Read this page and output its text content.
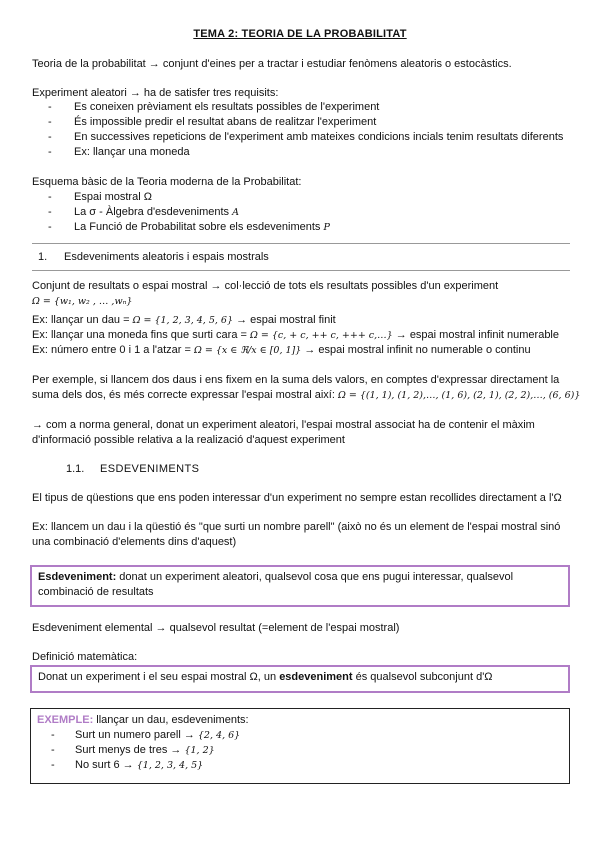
TEMA 2: TEORIA DE LA PROBABILITAT
Teoria de la probabilitat → conjunt d'eines per a tractar i estudiar fenòmens aleatoris o estocàstics.
Experiment aleatori → ha de satisfer tres requisits:
- Es coneixen prèviament els resultats possibles de l'experiment
- És impossible predir el resultat abans de realitzar l'experiment
- En successives repeticions de l'experiment amb mateixes condicions incials tenim resultats diferents
- Ex: llançar una moneda
Esquema bàsic de la Teoria moderna de la Probabilitat:
- Espai mostral Ω
- La σ - Àlgebra d'esdeveniments A
- La Funció de Probabilitat sobre els esdeveniments P
1. Esdeveniments aleatoris i espais mostrals
Conjunt de resultats o espai mostral → col·lecció de tots els resultats possibles d'un experiment
Ω = {w₁, w₂ , … ,wₙ}
Ex: llançar un dau = Ω = {1, 2, 3, 4, 5, 6} → espai mostral finit
Ex: llançar una moneda fins que surti cara = Ω = {c, + c, ++ c, +++ c,…} → espai mostral infinit numerable
Ex: número entre 0 i 1 a l'atzar = Ω = {x ∈ ℜ/x ∈ [0, 1]} → espai mostral infinit no numerable o continu
Per exemple, si llancem dos daus i ens fixem en la suma dels valors, en comptes d'expressar directament la
suma dels dos, és més correcte expressar l'espai mostral així: Ω = {(1, 1), (1, 2),…, (1, 6), (2, 1), (2, 2),…, (6, 6)}
→ com a norma general, donat un experiment aleatori, l'espai mostral associat ha de contenir el màxim d'informació possible relativa a la realizació d'aquest experiment
1.1. ESDEVENIMENTS
El tipus de qüestions que ens poden interessar d'un experiment no sempre estan recollides directament a l'Ω
Ex: llancem un dau i la qüestió és "que surti un nombre parell" (això no és un element de l'espai mostral sinó una combinació d'elements dins d'aquest)
Esdeveniment: donat un experiment aleatori, qualsevol cosa que ens pugui interessar, qualsevol combinació de resultats
Esdeveniment elemental → qualsevol resultat (=element de l'espai mostral)
Definició matemàtica:
Donat un experiment i el seu espai mostral Ω, un esdeveniment és qualsevol subconjunt d'Ω
EXEMPLE: llançar un dau, esdeveniments:
- Surt un numero parell → {2, 4, 6}
- Surt menys de tres → {1, 2}
- No surt 6 → {1, 2, 3, 4, 5}
